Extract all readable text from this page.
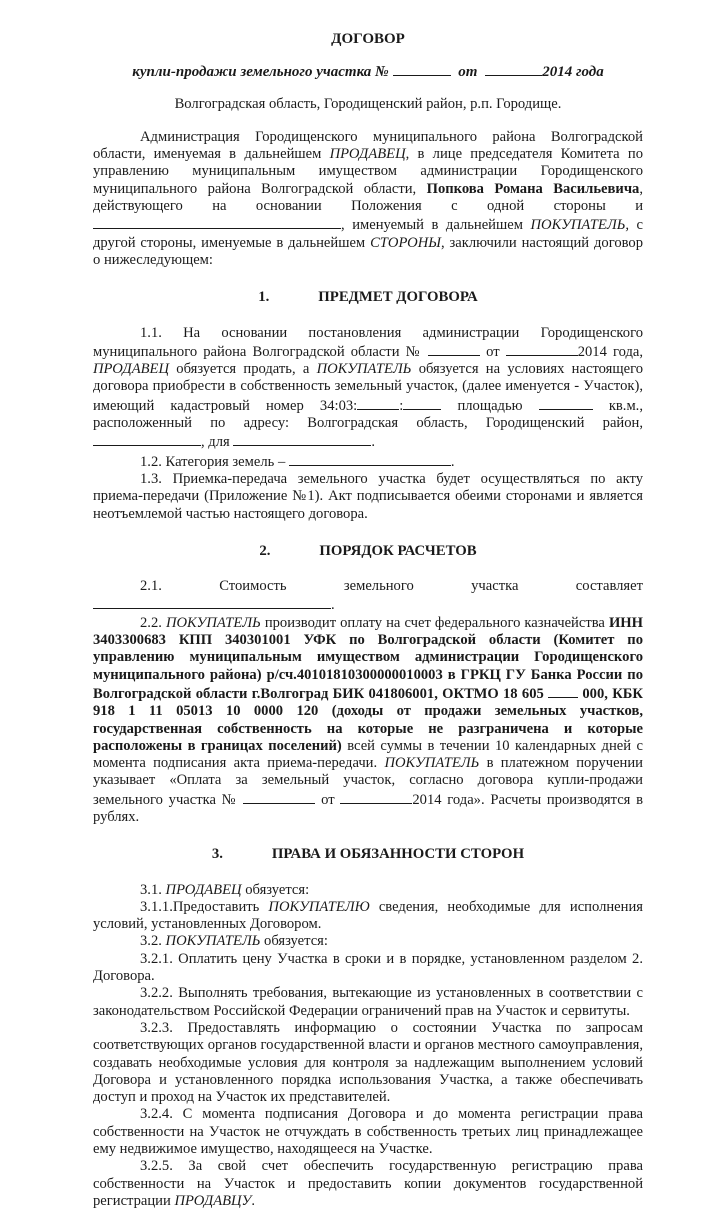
ДОГОВОР
купли-продажи земельного участка №	от	2014 года
Волгоградская область, Городищенский район, р.п. Городище.

Администрация Городищенского муниципального района Волгоградской области, именуемая в дальнейшем ПРОДАВЕЦ, в лице председателя Комитета по управлению муниципальным имуществом администрации Городищенского муниципального района Волгоградской области, Попкова Романа Васильевича, действующего на основании Положения с одной стороны и , именуемый в дальнейшем ПОКУПАТЕЛЬ, с другой стороны, именуемые в дальнейшем СТОРОНЫ, заключили настоящий договор о нижеследующем:

1.	ПРЕДМЕТ ДОГОВОРА

1.1. На основании постановления администрации Городищенского муниципального района Волгоградской области №	от	2014 года, ПРОДАВЕЦ обязуется продать, а ПОКУПАТЕЛЬ обязуется на условиях настоящего договора приобрести в собственность земельный участок, (далее именуется - Участок), имеющий кадастровый номер 34:03:	:	площадью	кв.м., расположенный по адресу: Волгоградская область, Городищенский район, , для	.

1.2. Категория земель –	.

1.3. Приемка-передача земельного участка будет осуществляться по акту приема-передачи (Приложение №1). Акт подписывается обеими сторонами и является неотъемлемой частью настоящего договора.

2.	ПОРЯДОК РАСЧЕТОВ

2.1. Стоимость земельного участка составляет .

2.2. ПОКУПАТЕЛЬ производит оплату на счет федерального казначейства ИНН 3403300683 КПП 340301001 УФК по Волгоградской области (Комитет по управлению муниципальным имуществом администрации Городищенского муниципального района) р/сч.40101810300000010003 в ГРКЦ ГУ Банка России по Волгоградской области г.Волгоград БИК 041806001, ОКТМО 18 605	000, КБК 918 1 11 05013 10 0000 120 (доходы от продажи земельных участков, государственная собственность на которые не разграничена и которые расположены в границах поселений) всей суммы в течении 10 календарных дней с момента подписания акта приема-передачи. ПОКУПАТЕЛЬ в платежном поручении указывает «Оплата за земельный участок, согласно договора купли-продажи земельного участка №	от	2014 года». Расчеты производятся в рублях.

3.	ПРАВА И ОБЯЗАННОСТИ СТОРОН

3.1. ПРОДАВЕЦ обязуется:

3.1.1.Предоставить ПОКУПАТЕЛЮ сведения, необходимые для исполнения условий, установленных Договором.

3.2. ПОКУПАТЕЛЬ обязуется:

3.2.1. Оплатить цену Участка в сроки и в порядке, установленном разделом 2. Договора.

3.2.2. Выполнять требования, вытекающие из установленных в соответствии с законодательством Российской Федерации ограничений прав на Участок и сервитуты.

3.2.3. Предоставлять информацию о состоянии Участка по запросам соответствующих органов государственной власти и органов местного самоуправления, создавать необходимые условия для контроля за надлежащим выполнением условий Договора и установленного порядка использования Участка, а также обеспечивать доступ и проход на Участок их представителей.

3.2.4. С момента подписания Договора и до момента регистрации права собственности на Участок не отчуждать в собственность третьих лиц принадлежащее ему недвижимое имущество, находящееся на Участке.

3.2.5. За свой счет обеспечить государственную регистрацию права собственности на Участок и предоставить копии документов государственной регистрации ПРОДАВЦУ.
